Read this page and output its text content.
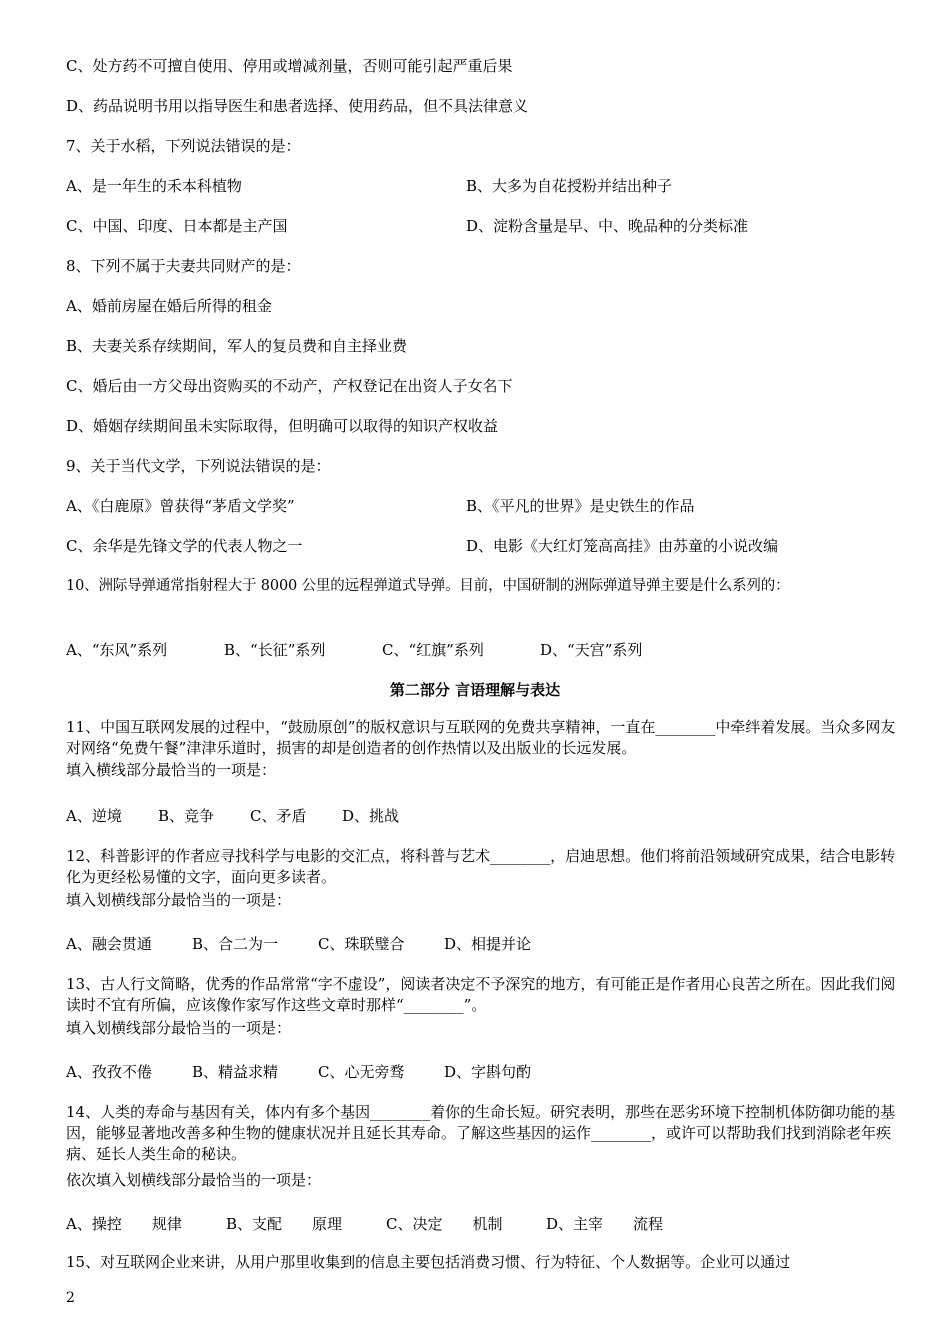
C、处方药不可擅自使用、停用或增减剂量，否则可能引起严重后果
D、药品说明书用以指导医生和患者选择、使用药品，但不具法律意义
7、关于水稻，下列说法错误的是：
A、是一年生的禾本科植物	B、大多为自花授粉并结出种子
C、中国、印度、日本都是主产国	D、淀粉含量是早、中、晚品种的分类标准
8、下列不属于夫妻共同财产的是：
A、婚前房屋在婚后所得的租金
B、夫妻关系存续期间，军人的复员费和自主择业费
C、婚后由一方父母出资购买的不动产，产权登记在出资人子女名下
D、婚姻存续期间虽未实际取得，但明确可以取得的知识产权收益
9、关于当代文学，下列说法错误的是：
A、《白鹿原》曾获得“茅盾文学奖”	B、《平凡的世界》是史铁生的作品
C、余华是先锋文学的代表人物之一	D、电影《大红灯笼高高挂》由苏童的小说改编
10、洲际导弹通常指射程大于 8000 公里的远程弹道式导弹。目前，中国研制的洲际弹道导弹主要是什么系列的：
A、“东风”系列	B、“长征”系列	C、“红旗”系列	D、“天宫”系列
第二部分 言语理解与表达
11、中国互联网发展的过程中，“鼓励原创”的版权意识与互联网的免费共享精神，一直在________中牵绊着发展。当众多网友对网络“免费午餐”津津乐道时，损害的却是创造者的创作热情以及出版业的长远发展。
填入横线部分最恰当的一项是：
A、逆境 B、竞争 C、矛盾 D、挑战
12、科普影评的作者应寻找科学与电影的交汇点，将科普与艺术________，启迪思想。他们将前沿领域研究成果，结合电影转化为更经松易懂的文字，面向更多读者。
填入划横线部分最恰当的一项是：
A、融会贯通	B、合二为一	C、珠联璧合	D、相提并论
13、古人行文简略，优秀的作品常常“字不虚设”，阅读者决定不予深究的地方，有可能正是作者用心良苦之所在。因此我们阅读时不宜有所偏，应该像作家写作这些文章时那样“________”。
填入划横线部分最恰当的一项是：
A、孜孜不倦	B、精益求精	C、心无旁骛	D、字斟句酌
14、人类的寿命与基因有关，体内有多个基因________着你的生命长短。研究表明，那些在恶劣环境下控制机体防御功能的基因，能够显著地改善多种生物的健康状况并且延长其寿命。了解这些基因的运作________，或许可以帮助我们找到消除老年疾病、延长人类生命的秘诀。
依次填入划横线部分最恰当的一项是：
A、操控　　规律	B、支配　　原理	C、决定　　机制	D、主宰　　流程
15、对互联网企业来讲，从用户那里收集到的信息主要包括消费习惯、行为特征、个人数据等。企业可以通过
2
